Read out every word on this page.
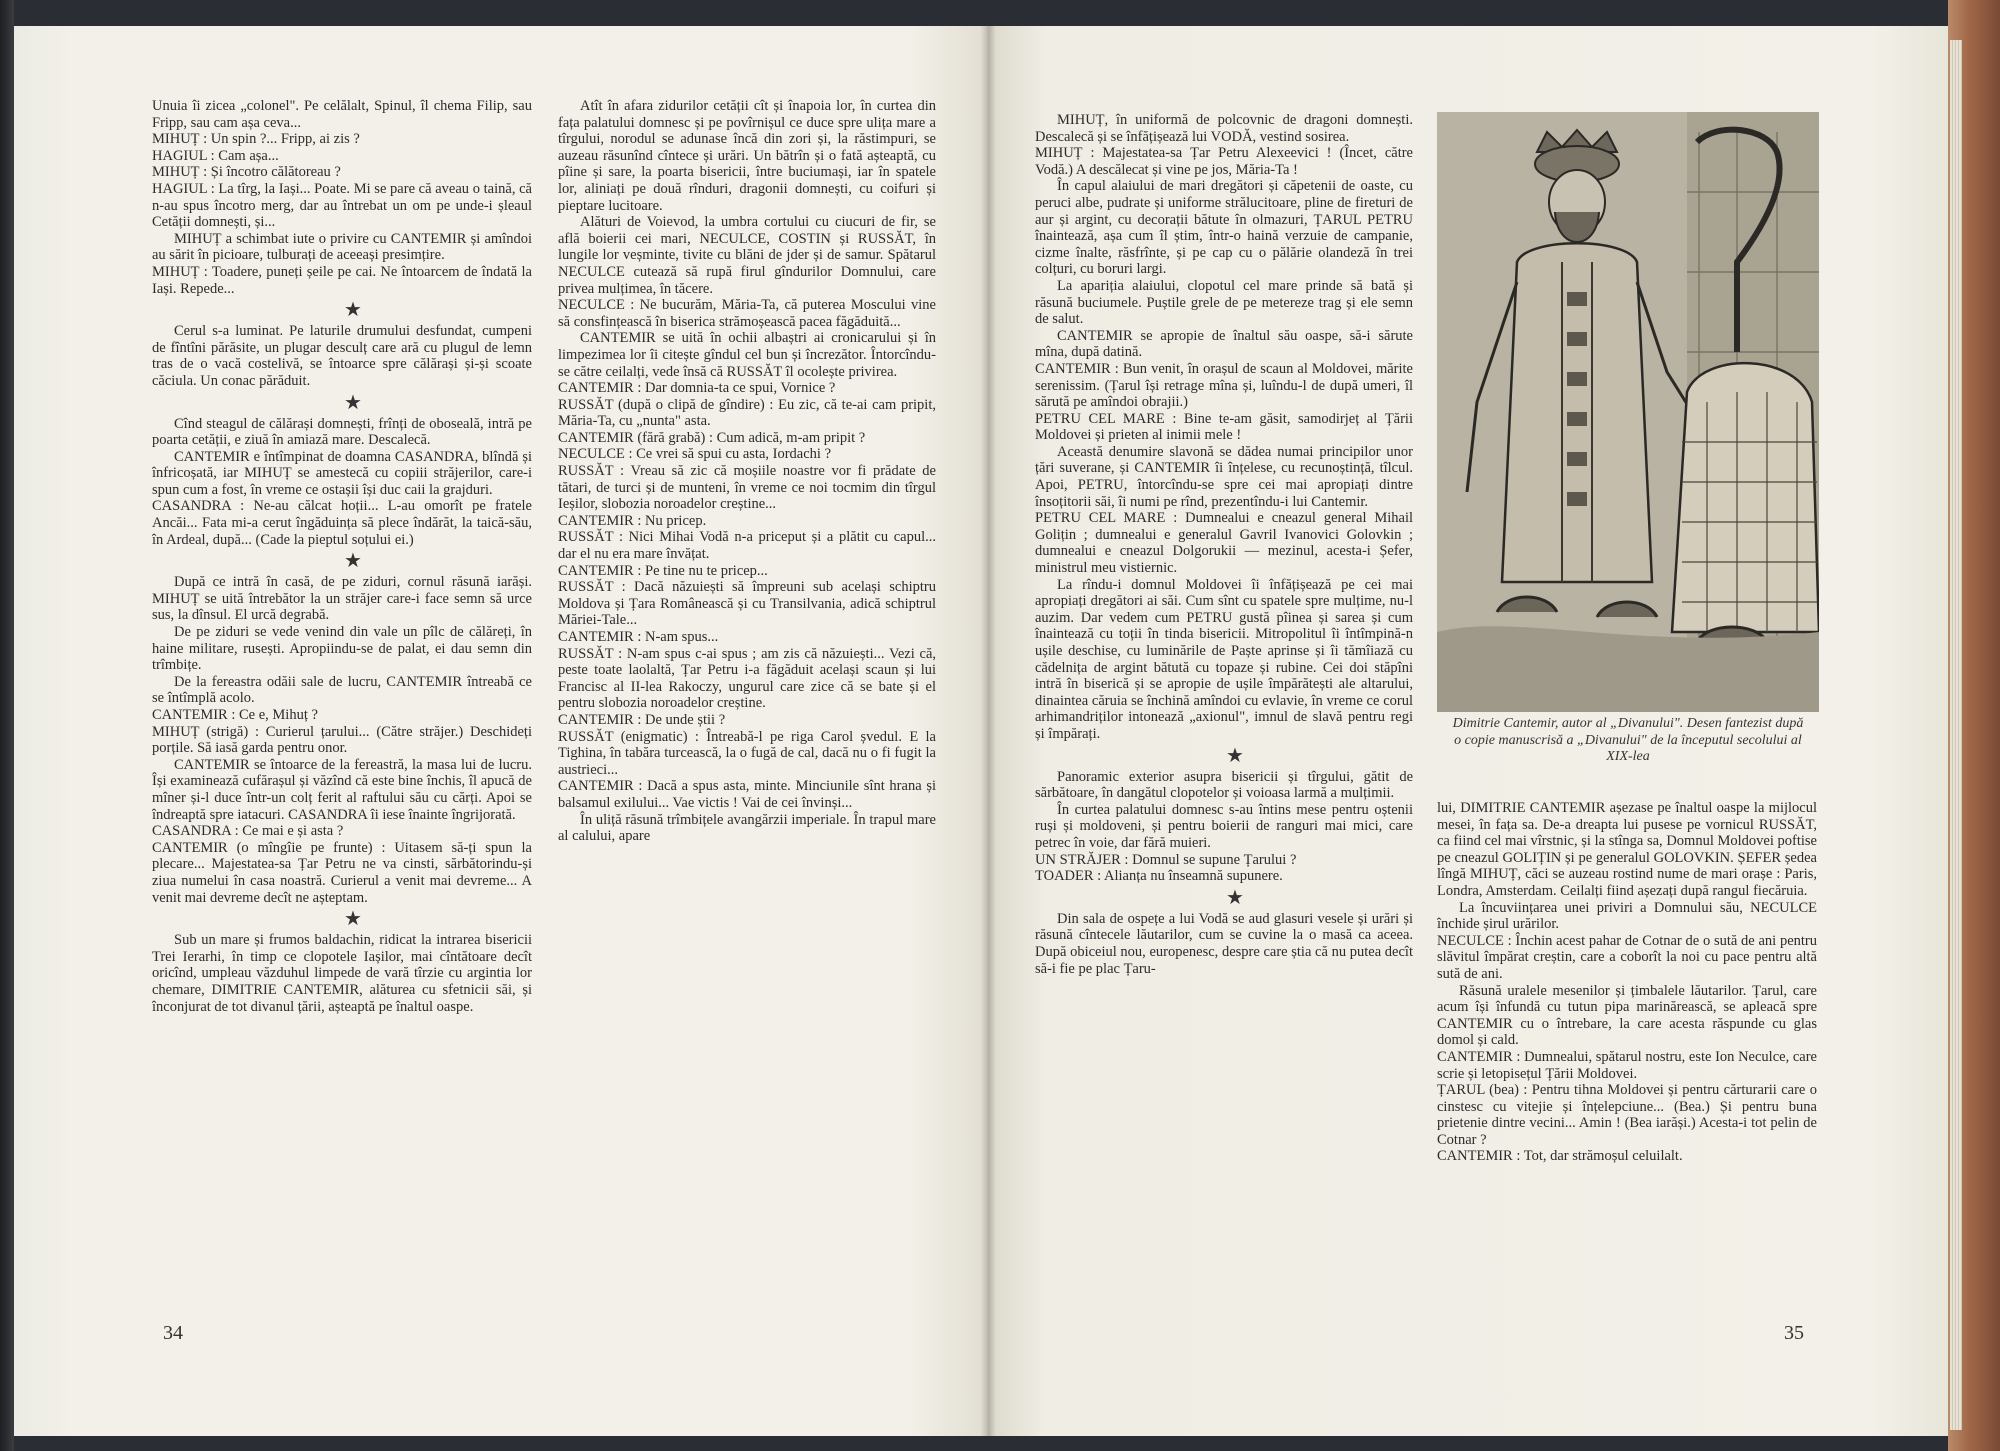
Unuia îi zicea „colonel". Pe celălalt, Spinul, îl chema Filip, sau Fripp, sau cam așa ceva...

MIHUȚ : Un spin ?... Fripp, ai zis ?

HAGIUL : Cam așa...

MIHUȚ : Și încotro călătoreau ?

HAGIUL : La tîrg, la Iași... Poate. Mi se pare că aveau o taină, că n-au spus încotro merg, dar au întrebat un om pe unde-i șleaul Cetății domnești, și...

MIHUȚ a schimbat iute o privire cu CANTEMIR și amîndoi au sărit în picioare, tulburați de aceeași presimțire.

MIHUȚ : Toadere, puneți șeile pe cai. Ne întoarcem de îndată la Iași. Repede...

★

Cerul s-a luminat. Pe laturile drumului desfundat, cumpeni de fîntîni părăsite, un plugar desculț care ară cu plugul de lemn tras de o vacă costelivă, se întoarce spre călărași și-și scoate căciula. Un conac părăduit.

★

Cînd steagul de călărași domnești, frînți de oboseală, intră pe poarta cetății, e ziuă în amiază mare. Descalecă.

CANTEMIR e întîmpinat de doamna CASANDRA, blîndă și înfricoșată, iar MIHUȚ se amestecă cu copiii străjerilor, care-i spun cum a fost, în vreme ce ostașii își duc caii la grajduri.

CASANDRA : Ne-au călcat hoții... L-au omorît pe fratele Ancăi... Fata mi-a cerut îngăduința să plece îndărăt, la taică-său, în Ardeal, după... (Cade la pieptul soțului ei.)

★

După ce intră în casă, de pe ziduri, cornul răsună iarăși. MIHUȚ se uită întrebător la un străjer care-i face semn să urce sus, la dînsul. El urcă degrabă.

De pe ziduri se vede venind din vale un pîlc de călăreți, în haine militare, rusești. Apropiindu-se de palat, ei dau semn din trîmbițe.

De la fereastra odăii sale de lucru, CANTEMIR întreabă ce se întîmplă acolo.

CANTEMIR : Ce e, Mihuț ?

MIHUȚ (strigă) : Curierul țarului... (Către străjer.) Deschideți porțile. Să iasă garda pentru onor.

CANTEMIR se întoarce de la fereastră, la masa lui de lucru. Își examinează cufărașul și văzînd că este bine închis, îl apucă de mîner și-l duce într-un colț ferit al raftului său cu cărți. Apoi se îndreaptă spre iatacuri. CASANDRA îi iese înainte îngrijorată.

CASANDRA : Ce mai e și asta ?

CANTEMIR (o mîngîie pe frunte) : Uitasem să-ți spun la plecare... Majestatea-sa Țar Petru ne va cinsti, sărbătorindu-și ziua numelui în casa noastră. Curierul a venit mai devreme... A venit mai devreme decît ne așteptam.

★

Sub un mare și frumos baldachin, ridicat la intrarea bisericii Trei Ierarhi, în timp ce clopotele Iașilor, mai cîntătoare decît oricînd, umpleau văzduhul limpede de vară tîrzie cu argintia lor chemare, DIMITRIE CANTEMIR, alăturea cu sfetnicii săi, și înconjurat de tot divanul țării, așteaptă pe înaltul oaspe.

Atît în afara zidurilor cetății cît și înapoia lor, în curtea din fața palatului domnesc și pe povîrnișul ce duce spre ulița mare a tîrgului, norodul se adunase încă din zori și, la răstimpuri, se auzeau răsunînd cîntece și urări. Un bătrîn și o fată așteaptă, cu pîine și sare, la poarta bisericii, între buciumași, iar în spatele lor, aliniați pe două rînduri, dragonii domnești, cu coifuri și pieptare lucitoare.

Alături de Voievod, la umbra cortului cu ciucuri de fir, se află boierii cei mari, NECULCE, COSTIN și RUSSĂT, în lungile lor veșminte, tivite cu blăni de jder și de samur. Spătarul NECULCE cutează să rupă firul gîndurilor Domnului, care privea mulțimea, în tăcere.

NECULCE : Ne bucurăm, Măria-Ta, că puterea Moscului vine să consfințească în biserica strămoșească pacea făgăduită...

CANTEMIR se uită în ochii albaștri ai cronicarului și în limpezimea lor îi citește gîndul cel bun și încrezător. Întorcîndu-se către ceilalți, vede însă că RUSSĂT îl ocolește privirea.

CANTEMIR : Dar domnia-ta ce spui, Vornice ?

RUSSĂT (după o clipă de gîndire) : Eu zic, că te-ai cam pripit, Măria-Ta, cu „nunta" asta.

CANTEMIR (fără grabă) : Cum adică, m-am pripit ?

NECULCE : Ce vrei să spui cu asta, Iordachi ?

RUSSĂT : Vreau să zic că moșiile noastre vor fi prădate de tătari, de turci și de munteni, în vreme ce noi tocmim din tîrgul Ieșilor, slobozia noroadelor creștine...

CANTEMIR : Nu pricep.

RUSSĂT : Nici Mihai Vodă n-a priceput și a plătit cu capul... dar el nu era mare învățat.

CANTEMIR : Pe tine nu te pricep...

RUSSĂT : Dacă năzuiești să împreuni sub același schiptru Moldova și Țara Românească și cu Transilvania, adică schiptrul Măriei-Tale...

CANTEMIR : N-am spus...

RUSSĂT : N-am spus c-ai spus ; am zis că năzuiești... Vezi că, peste toate laolaltă, Țar Petru i-a făgăduit același scaun și lui Francisc al II-lea Rakoczy, ungurul care zice că se bate și el pentru slobozia noroadelor creștine.

CANTEMIR : De unde știi ?

RUSSĂT (enigmatic) : Întreabă-l pe riga Carol șvedul. E la Tighina, în tabăra turcească, la o fugă de cal, dacă nu o fi fugit la austrieci...

CANTEMIR : Dacă a spus asta, minte. Minciunile sînt hrana și balsamul exilului... Vae victis ! Vai de cei învinși...

În uliță răsună trîmbițele avangărzii imperiale. În trapul mare al calului, apare

MIHUȚ, în uniformă de polcovnic de dragoni domnești. Descalecă și se înfățișează lui VODĂ, vestind sosirea.

MIHUȚ : Majestatea-sa Țar Petru Alexeevici ! (Încet, către Vodă.) A descălecat și vine pe jos, Măria-Ta !

În capul alaiului de mari dregători și căpetenii de oaste, cu peruci albe, pudrate și uniforme strălucitoare, pline de fireturi de aur și argint, cu decorații bătute în olmazuri, ȚARUL PETRU înaintează, așa cum îl știm, într-o haină verzuie de campanie, cizme înalte, răsfrînte, și pe cap cu o pălărie olandeză în trei colțuri, cu boruri largi.

La apariția alaiului, clopotul cel mare prinde să bată și răsună buciumele. Puștile grele de pe metereze trag și ele semn de salut.

CANTEMIR se apropie de înaltul său oaspe, să-i sărute mîna, după datină.

CANTEMIR : Bun venit, în orașul de scaun al Moldovei, mărite serenissim. (Țarul își retrage mîna și, luîndu-l de după umeri, îl sărută pe amîndoi obrajii.)

PETRU CEL MARE : Bine te-am găsit, samodirjeț al Țării Moldovei și prieten al inimii mele !

Această denumire slavonă se dădea numai principilor unor țări suverane, și CANTEMIR îi înțelese, cu recunoștință, tîlcul. Apoi, PETRU, întorcîndu-se spre cei mai apropiați dintre însoțitorii săi, îi numi pe rînd, prezentîndu-i lui Cantemir.

PETRU CEL MARE : Dumnealui e cneazul general Mihail Golițin ; dumnealui e generalul Gavril Ivanovici Golovkin ; dumnealui e cneazul Dolgorukii — mezinul, acesta-i Șefer, ministrul meu vistiernic.

La rîndu-i domnul Moldovei îi înfățișează pe cei mai apropiați dregători ai săi. Cum sînt cu spatele spre mulțime, nu-l auzim. Dar vedem cum PETRU gustă pîinea și sarea și cum înaintează cu toții în tinda bisericii. Mitropolitul îi întîmpină-n ușile deschise, cu luminările de Paște aprinse și îi tămîiază cu cădelnița de argint bătută cu topaze și rubine. Cei doi stăpîni intră în biserică și se apropie de ușile împărătești ale altarului, dinaintea căruia se închină amîndoi cu evlavie, în vreme ce corul arhimandriților intonează „axionul", imnul de slavă pentru regi și împărați.

★

Panoramic exterior asupra bisericii și tîrgului, gătit de sărbătoare, în dangătul clopotelor și voioasa larmă a mulțimii.

În curtea palatului domnesc s-au întins mese pentru oștenii ruși și moldoveni, și pentru boierii de ranguri mai mici, care petrec în voie, dar fără muieri.

UN STRĂJER : Domnul se supune Țarului ?

TOADER : Alianța nu înseamnă supunere.

★

Din sala de ospețe a lui Vodă se aud glasuri vesele și urări și răsună cîntecele lăutarilor, cum se cuvine la o masă ca aceea. După obiceiul nou, europenesc, despre care știa că nu putea decît să-i fie pe plac Țaru-

Dimitrie Cantemir, autor al „Divanului". Desen fantezist după o copie manuscrisă a „Divanului" de la începutul secolului al XIX-lea

lui, DIMITRIE CANTEMIR așezase pe înaltul oaspe la mijlocul mesei, în fața sa. De-a dreapta lui pusese pe vornicul RUSSĂT, ca fiind cel mai vîrstnic, și la stînga sa, Domnul Moldovei poftise pe cneazul GOLIȚIN și pe generalul GOLOVKIN. ȘEFER ședea lîngă MIHUȚ, căci se auzeau rostind nume de mari orașe : Paris, Londra, Amsterdam. Ceilalți fiind așezați după rangul fiecăruia.

La încuviințarea unei priviri a Domnului său, NECULCE închide șirul urărilor.

NECULCE : Închin acest pahar de Cotnar de o sută de ani pentru slăvitul împărat creștin, care a coborît la noi cu pace pentru altă sută de ani.

Răsună uralele mesenilor și țimbalele lăutarilor. Țarul, care acum își înfundă cu tutun pipa marinărească, se apleacă spre CANTEMIR cu o întrebare, la care acesta răspunde cu glas domol și cald.

CANTEMIR : Dumnealui, spătarul nostru, este Ion Neculce, care scrie și letopisețul Țării Moldovei.

ȚARUL (bea) : Pentru tihna Moldovei și pentru cărturarii care o cinstesc cu vitejie și înțelepciune... (Bea.) Și pentru buna prietenie dintre vecini... Amin ! (Bea iarăși.) Acesta-i tot pelin de Cotnar ?

CANTEMIR : Tot, dar strămoșul celuilalt.

34	35
